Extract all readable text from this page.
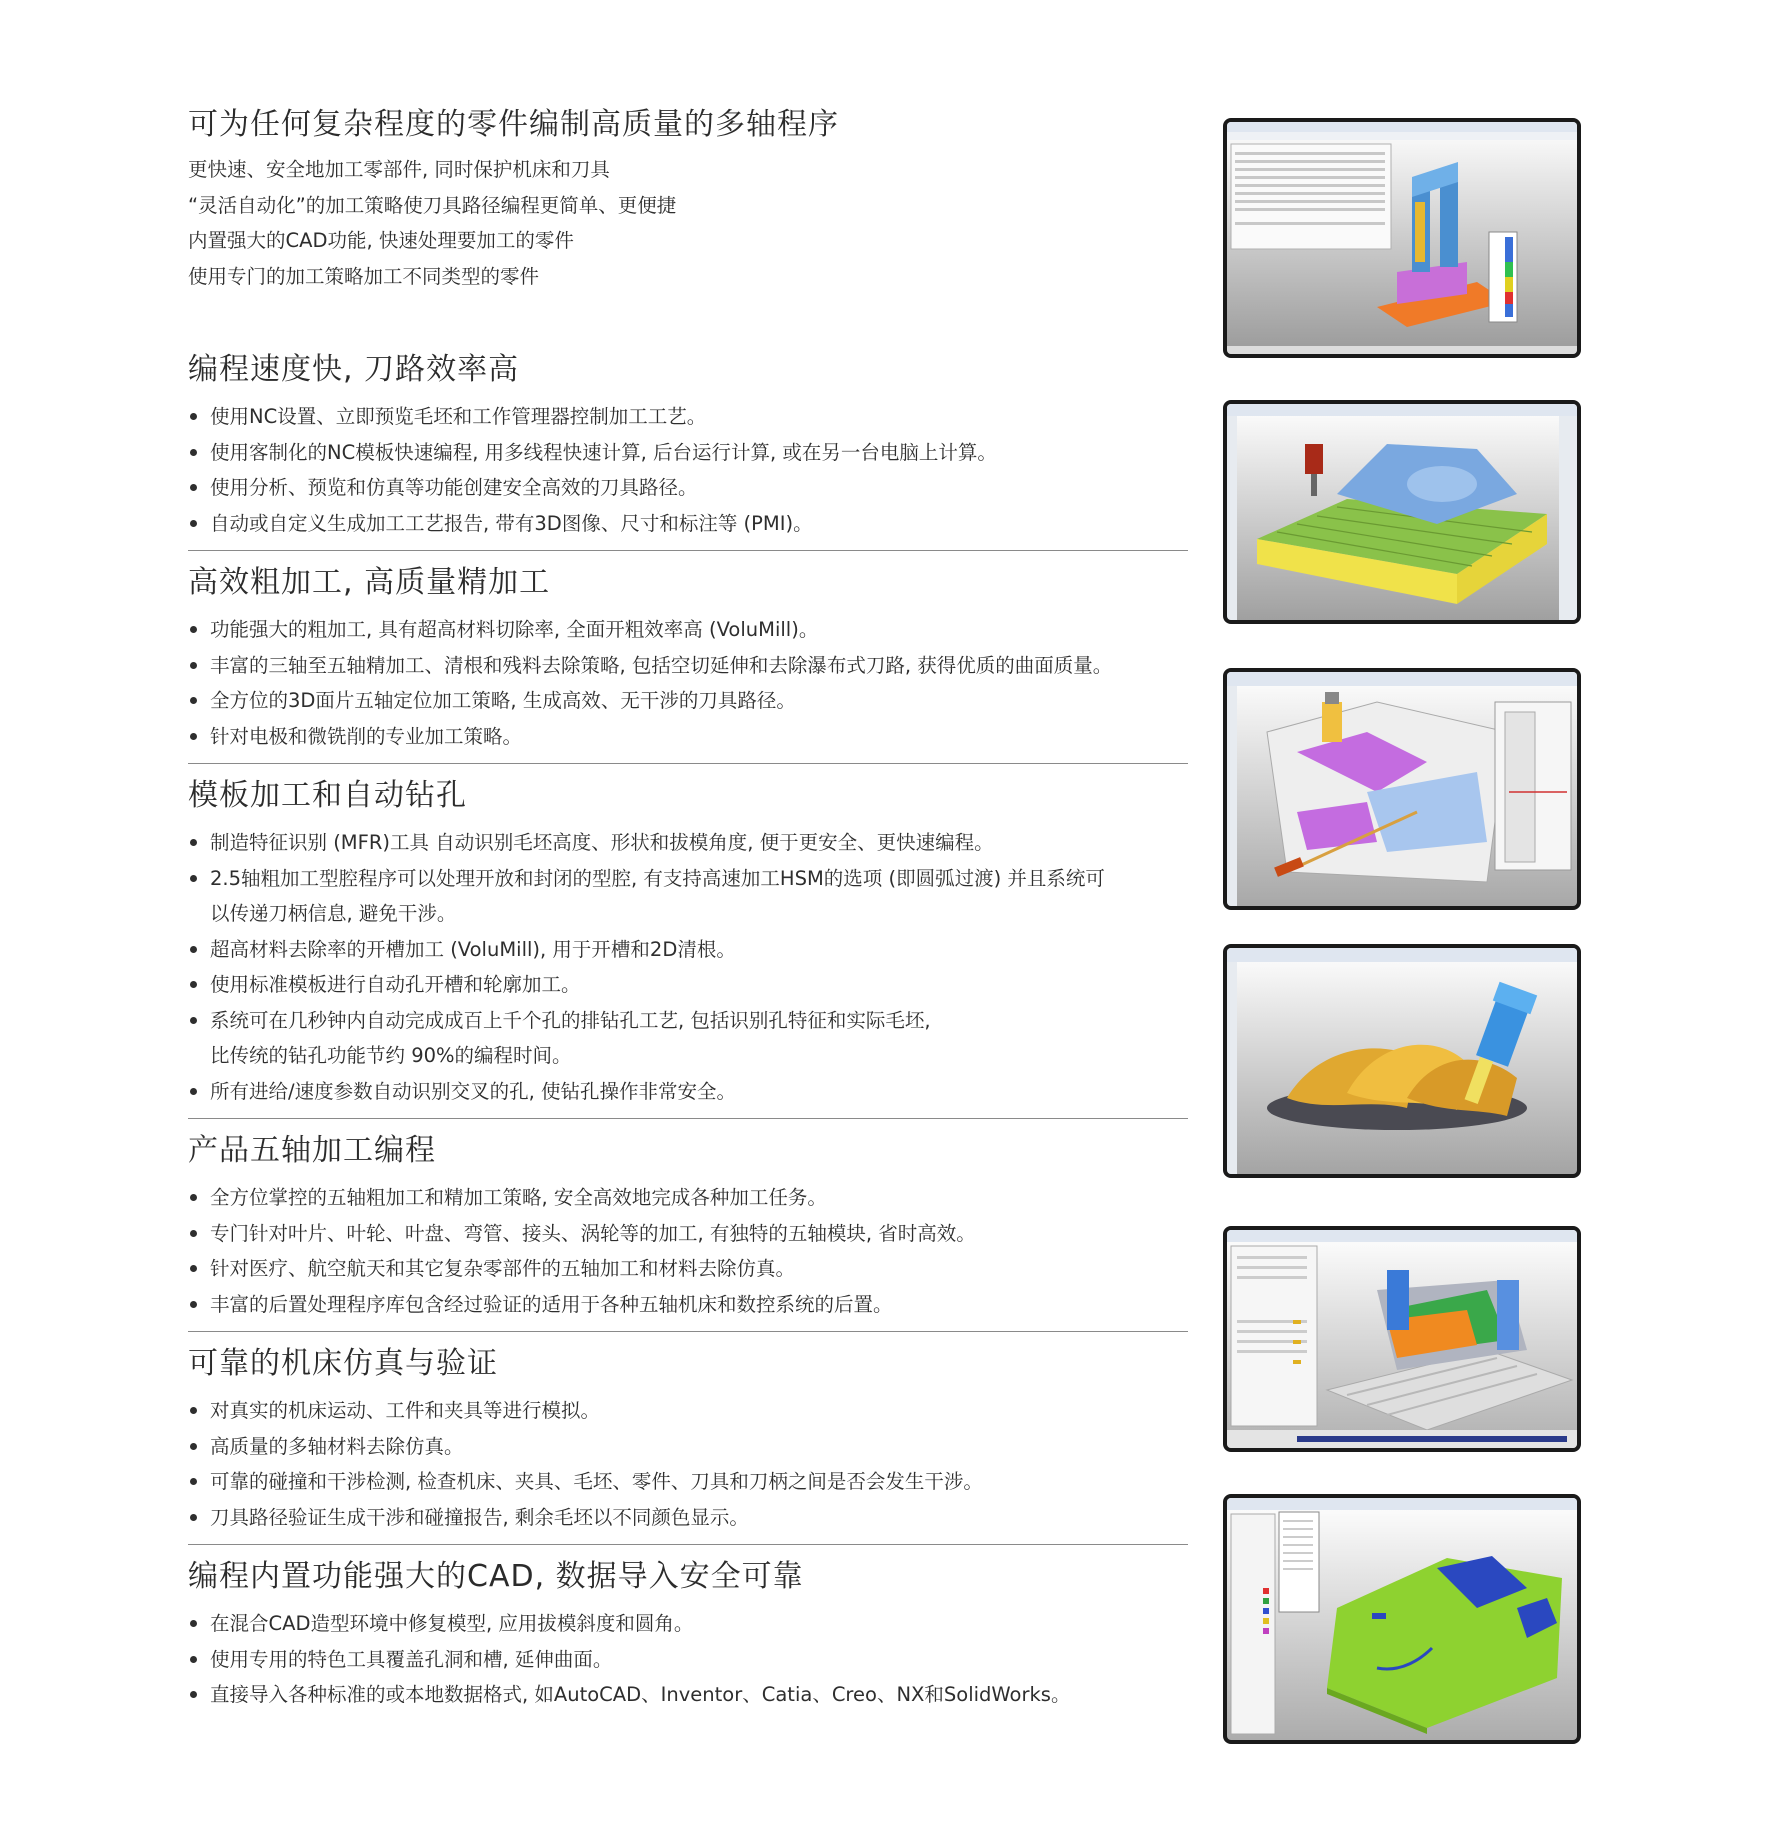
可为任何复杂程度的零件编制高质量的多轴程序
更快速、安全地加工零部件, 同时保护机床和刀具
“灵活自动化”的加工策略使刀具路径编程更简单、更便捷
内置强大的CAD功能, 快速处理要加工的零件
使用专门的加工策略加工不同类型的零件
编程速度快, 刀路效率高
使用NC设置、立即预览毛坯和工作管理器控制加工工艺。
使用客制化的NC模板快速编程, 用多线程快速计算, 后台运行计算, 或在另一台电脑上计算。
使用分析、预览和仿真等功能创建安全高效的刀具路径。
自动或自定义生成加工工艺报告, 带有3D图像、尺寸和标注等 (PMI)。
高效粗加工, 高质量精加工
功能强大的粗加工, 具有超高材料切除率, 全面开粗效率高 (VoluMill)。
丰富的三轴至五轴精加工、清根和残料去除策略, 包括空切延伸和去除瀑布式刀路, 获得优质的曲面质量。
全方位的3D面片五轴定位加工策略, 生成高效、无干涉的刀具路径。
针对电极和微铣削的专业加工策略。
模板加工和自动钻孔
制造特征识别 (MFR)工具 自动识别毛坯高度、形状和拔模角度, 便于更安全、更快速编程。
2.5轴粗加工型腔程序可以处理开放和封闭的型腔, 有支持高速加工HSM的选项 (即圆弧过渡) 并且系统可
以传递刀柄信息, 避免干涉。
超高材料去除率的开槽加工 (VoluMill), 用于开槽和2D清根。
使用标准模板进行自动孔开槽和轮廓加工。
系统可在几秒钟内自动完成成百上千个孔的排钻孔工艺, 包括识别孔特征和实际毛坯,
比传统的钻孔功能节约 90%的编程时间。
所有进给/速度参数自动识别交叉的孔, 使钻孔操作非常安全。
产品五轴加工编程
全方位掌控的五轴粗加工和精加工策略, 安全高效地完成各种加工任务。
专门针对叶片、叶轮、叶盘、弯管、接头、涡轮等的加工, 有独特的五轴模块, 省时高效。
针对医疗、航空航天和其它复杂零部件的五轴加工和材料去除仿真。
丰富的后置处理程序库包含经过验证的适用于各种五轴机床和数控系统的后置。
可靠的机床仿真与验证
对真实的机床运动、工件和夹具等进行模拟。
高质量的多轴材料去除仿真。
可靠的碰撞和干涉检测, 检查机床、夹具、毛坯、零件、刀具和刀柄之间是否会发生干涉。
刀具路径验证生成干涉和碰撞报告, 剩余毛坯以不同颜色显示。
编程内置功能强大的CAD, 数据导入安全可靠
在混合CAD造型环境中修复模型, 应用拔模斜度和圆角。
使用专用的特色工具覆盖孔洞和槽, 延伸曲面。
直接导入各种标准的或本地数据格式, 如AutoCAD、Inventor、Catia、Creo、NX和SolidWorks。
